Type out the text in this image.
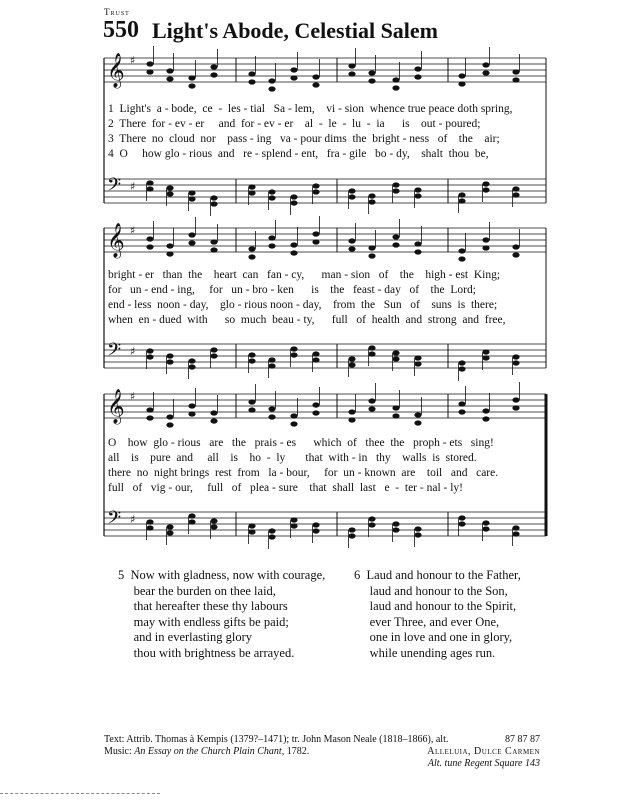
Trust
550 Light's Abode, Celestial Salem
𝄞 ♯
𝄢 ♯
𝄞 ♯
𝄢 ♯
𝄞 ♯
𝄢 ♯
1  Light's  a - bode,  ce  -  les - tial   Sa - lem,    vi - sion  whence true peace doth spring,
2  There  for - ev - er     and  for - ev - er    al  -  le  -  lu  -  ia      is    out - poured;
3  There  no  cloud  nor    pass - ing   va - pour dims  the  bright - ness   of    the    air;
4  O     how glo - rious  and   re - splend - ent,   fra - gile   bo - dy,    shalt  thou  be,
bright - er   than  the    heart  can   fan - cy,      man - sion   of    the    high - est  King;
for   un - end - ing,     for   un - bro - ken      is    the   feast - day   of    the  Lord;
end - less  noon - day,    glo - rious noon - day,    from  the   Sun   of    suns  is  there;
when  en - dued  with      so  much  beau - ty,      full   of  health  and  strong  and  free,
O    how  glo - rious   are   the   prais - es      which  of   thee  the   proph - ets   sing!
all    is    pure  and     all    is    ho  -  ly       that  with - in   thy    walls  is  stored.
there  no  night brings  rest  from   la - bour,     for  un - known  are    toil   and   care.
full   of   vig - our,     full   of   plea - sure    that  shall  last   e  -  ter - nal - ly!
5  Now with gladness, now with courage,
bear the burden on thee laid,
that hereafter these thy labours
may with endless gifts be paid;
and in everlasting glory
thou with brightness be arrayed.
6  Laud and honour to the Father,
laud and honour to the Son,
laud and honour to the Spirit,
ever Three, and ever One,
one in love and one in glory,
while unending ages run.
Text: Attrib. Thomas à Kempis (1379?–1471); tr. John Mason Neale (1818–1866), alt.
Music: An Essay on the Church Plain Chant, 1782.
87 87 87
Alleluia, Dulce Carmen
Alt. tune Regent Square 143
